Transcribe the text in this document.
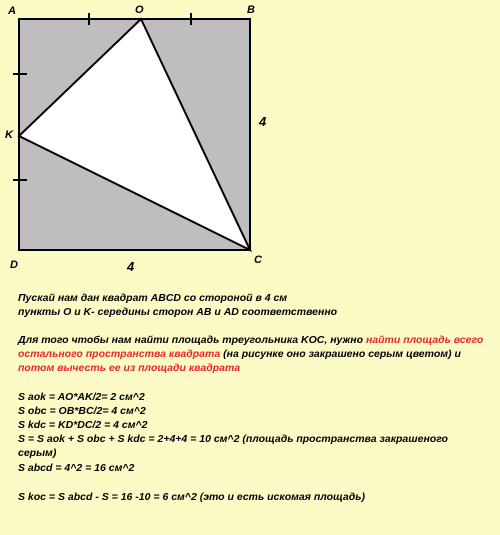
A	O	B
K
D	C
4
4

Пускай нам дан квадрат ABCD со стороной в 4 см
пункты O и K- середины сторон AB и AD соответственно

Для того чтобы нам найти площадь треугольника KOC, нужно найти площадь всего остального пространства квадрата (на рисунке оно закрашено серым цветом) и потом вычесть ее из площади квадрата

S aok = AO*AK/2= 2 см^2
S obc = OB*BC/2= 4 см^2
S kdc = KD*DC/2 = 4 см^2
S = S aok + S obc + S kdc = 2+4+4 = 10 см^2 (площадь пространства закрашеного серым)

S abcd = 4^2 = 16 см^2

S koc = S abcd - S = 16 -10 = 6 см^2 (это и есть искомая площадь)
